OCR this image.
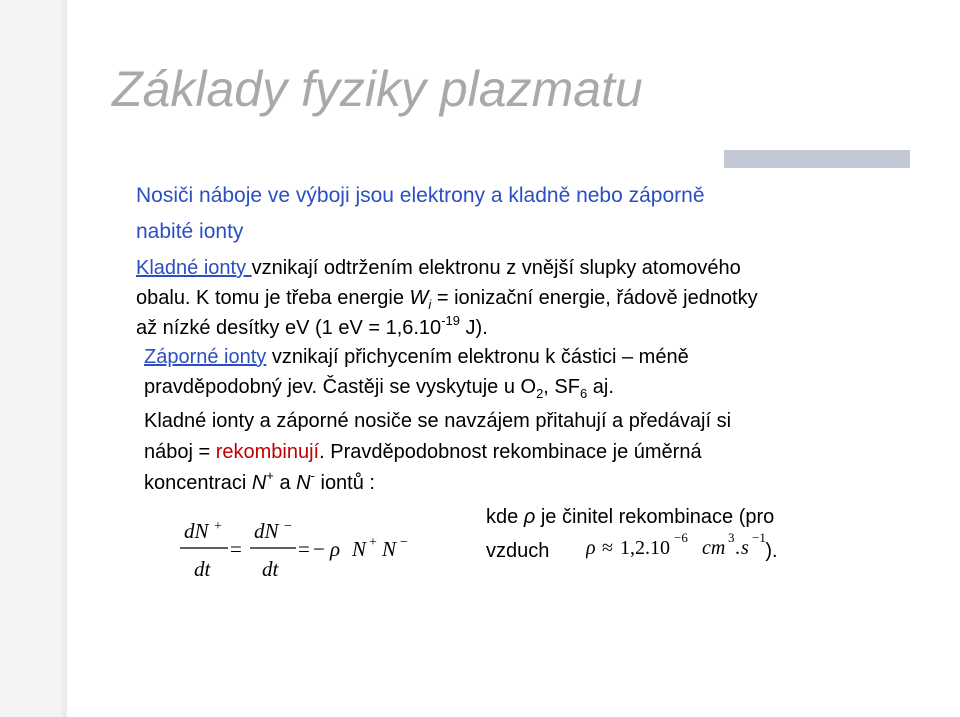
Základy fyziky plazmatu
Nosiči náboje ve výboji jsou elektrony a kladně nebo záporně
nabité ionty
Kladné ionty vznikají odtržením elektronu z vnější slupky atomového
obalu. K tomu je třeba energie $W_i$ = ionizační energie, řádově jednotky
až nízké desítky eV (1 eV = $1,6.10^{-19}$ J).
Záporné ionty vznikají přichycením elektronu k částici – méně
pravděpodobný jev. Častěji se vyskytuje u $O_2$, $SF_6$ aj.
Kladné ionty a záporné nosiče se navzájem přitahují a předávají si
náboj = rekombinují. Pravděpodobnost rekombinace je úměrná
koncentraci N+ a N- iontů :
dN +
dt
=
dN −
dt
= − ρ N + N −
kde ρ je činitel rekombinace (pro
vzduch	).
ρ ≈ 1,2.10 −6 cm 3 . s −1
